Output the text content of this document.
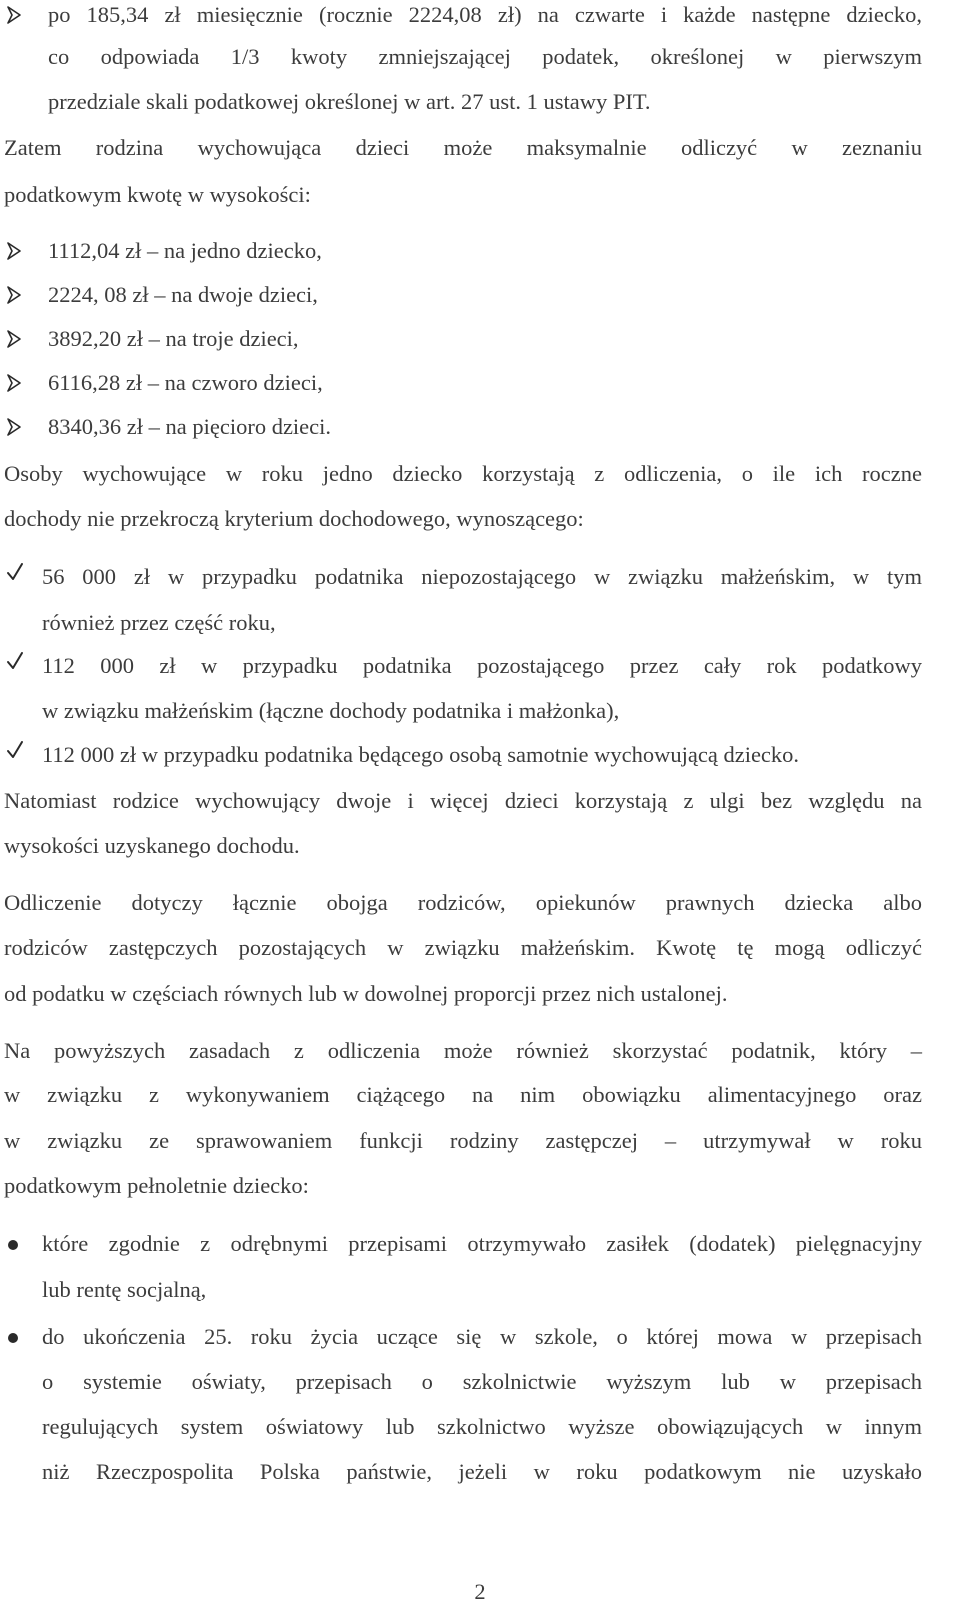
po 185,34 zł miesięcznie (rocznie 2224,08 zł) na czwarte i każde następne dziecko,
co odpowiada 1/3 kwoty zmniejszającej podatek, określonej w pierwszym
przedziale skali podatkowej określonej w art. 27 ust. 1 ustawy PIT.
Zatem rodzina wychowująca dzieci może maksymalnie odliczyć w zeznaniu
podatkowym kwotę w wysokości:
1112,04 zł – na jedno dziecko,
2224, 08 zł – na dwoje dzieci,
3892,20 zł – na troje dzieci,
6116,28 zł – na czworo dzieci,
8340,36 zł – na pięcioro dzieci.
Osoby wychowujące w roku jedno dziecko korzystają z odliczenia, o ile ich roczne
dochody nie przekroczą kryterium dochodowego, wynoszącego:
56 000 zł w przypadku podatnika niepozostającego w związku małżeńskim, w tym
również przez część roku,
112 000 zł w przypadku podatnika pozostającego przez cały rok podatkowy
w związku małżeńskim (łączne dochody podatnika i małżonka),
112 000 zł w przypadku podatnika będącego osobą samotnie wychowującą dziecko.
Natomiast rodzice wychowujący dwoje i więcej dzieci korzystają z ulgi bez względu na
wysokości uzyskanego dochodu.
Odliczenie dotyczy łącznie obojga rodziców, opiekunów prawnych dziecka albo
rodziców zastępczych pozostających w związku małżeńskim. Kwotę tę mogą odliczyć
od podatku w częściach równych lub w dowolnej proporcji przez nich ustalonej.
Na powyższych zasadach z odliczenia może również skorzystać podatnik, który –
w związku z wykonywaniem ciążącego na nim obowiązku alimentacyjnego oraz
w związku ze sprawowaniem funkcji rodziny zastępczej – utrzymywał w roku
podatkowym pełnoletnie dziecko:
które zgodnie z odrębnymi przepisami otrzymywało zasiłek (dodatek) pielęgnacyjny
lub rentę socjalną,
do ukończenia 25. roku życia uczące się w szkole, o której mowa w przepisach
o systemie oświaty, przepisach o szkolnictwie wyższym lub w przepisach
regulujących system oświatowy lub szkolnictwo wyższe obowiązujących w innym
niż Rzeczpospolita Polska państwie, jeżeli w roku podatkowym nie uzyskało
2
